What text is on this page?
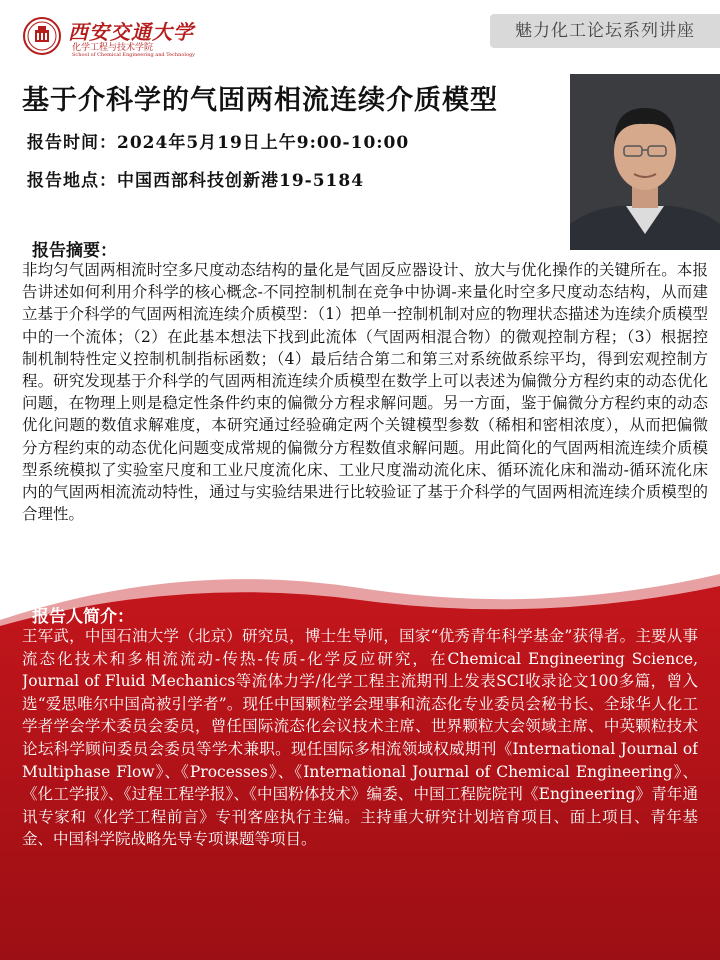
西安交通大学
化学工程与技术学院
School of Chemical Engineering and Technology
魅力化工论坛系列讲座
基于介科学的气固两相流连续介质模型
报告时间：2024年5月19日上午9:00-10:00
报告地点：中国西部科技创新港19-5184
报告摘要：
非均匀气固两相流时空多尺度动态结构的量化是气固反应器设计、放大与优化操作的关键所在。本报告讲述如何利用介科学的核心概念-不同控制机制在竞争中协调-来量化时空多尺度动态结构，从而建立基于介科学的气固两相流连续介质模型：（1）把单一控制机制对应的物理状态描述为连续介质模型中的一个流体；（2）在此基本想法下找到此流体（气固两相混合物）的微观控制方程；（3）根据控制机制特性定义控制机制指标函数；（4）最后结合第二和第三对系统做系综平均，得到宏观控制方程。研究发现基于介科学的气固两相流连续介质模型在数学上可以表述为偏微分方程约束的动态优化问题，在物理上则是稳定性条件约束的偏微分方程求解问题。另一方面，鉴于偏微分方程约束的动态优化问题的数值求解难度，本研究通过经验确定两个关键模型参数（稀相和密相浓度），从而把偏微分方程约束的动态优化问题变成常规的偏微分方程数值求解问题。用此简化的气固两相流连续介质模型系统模拟了实验室尺度和工业尺度流化床、工业尺度湍动流化床、循环流化床和湍动-循环流化床内的气固两相流流动特性，通过与实验结果进行比较验证了基于介科学的气固两相流连续介质模型的合理性。
报告人简介：
王军武，中国石油大学（北京）研究员，博士生导师，国家“优秀青年科学基金”获得者。主要从事流态化技术和多相流流动-传热-传质-化学反应研究，在Chemical Engineering Science, Journal of Fluid Mechanics等流体力学/化学工程主流期刊上发表SCI收录论文100多篇，曾入选“爱思唯尔中国高被引学者”。现任中国颗粒学会理事和流态化专业委员会秘书长、全球华人化工学者学会学术委员会委员，曾任国际流态化会议技术主席、世界颗粒大会领域主席、中英颗粒技术论坛科学顾问委员会委员等学术兼职。现任国际多相流领域权威期刊《International Journal of Multiphase Flow》、《Processes》、《International Journal of Chemical Engineering》、《化工学报》、《过程工程学报》、《中国粉体技术》编委、中国工程院院刊《Engineering》青年通讯专家和《化学工程前言》专刊客座执行主编。主持重大研究计划培育项目、面上项目、青年基金、中国科学院战略先导专项课题等项目。
